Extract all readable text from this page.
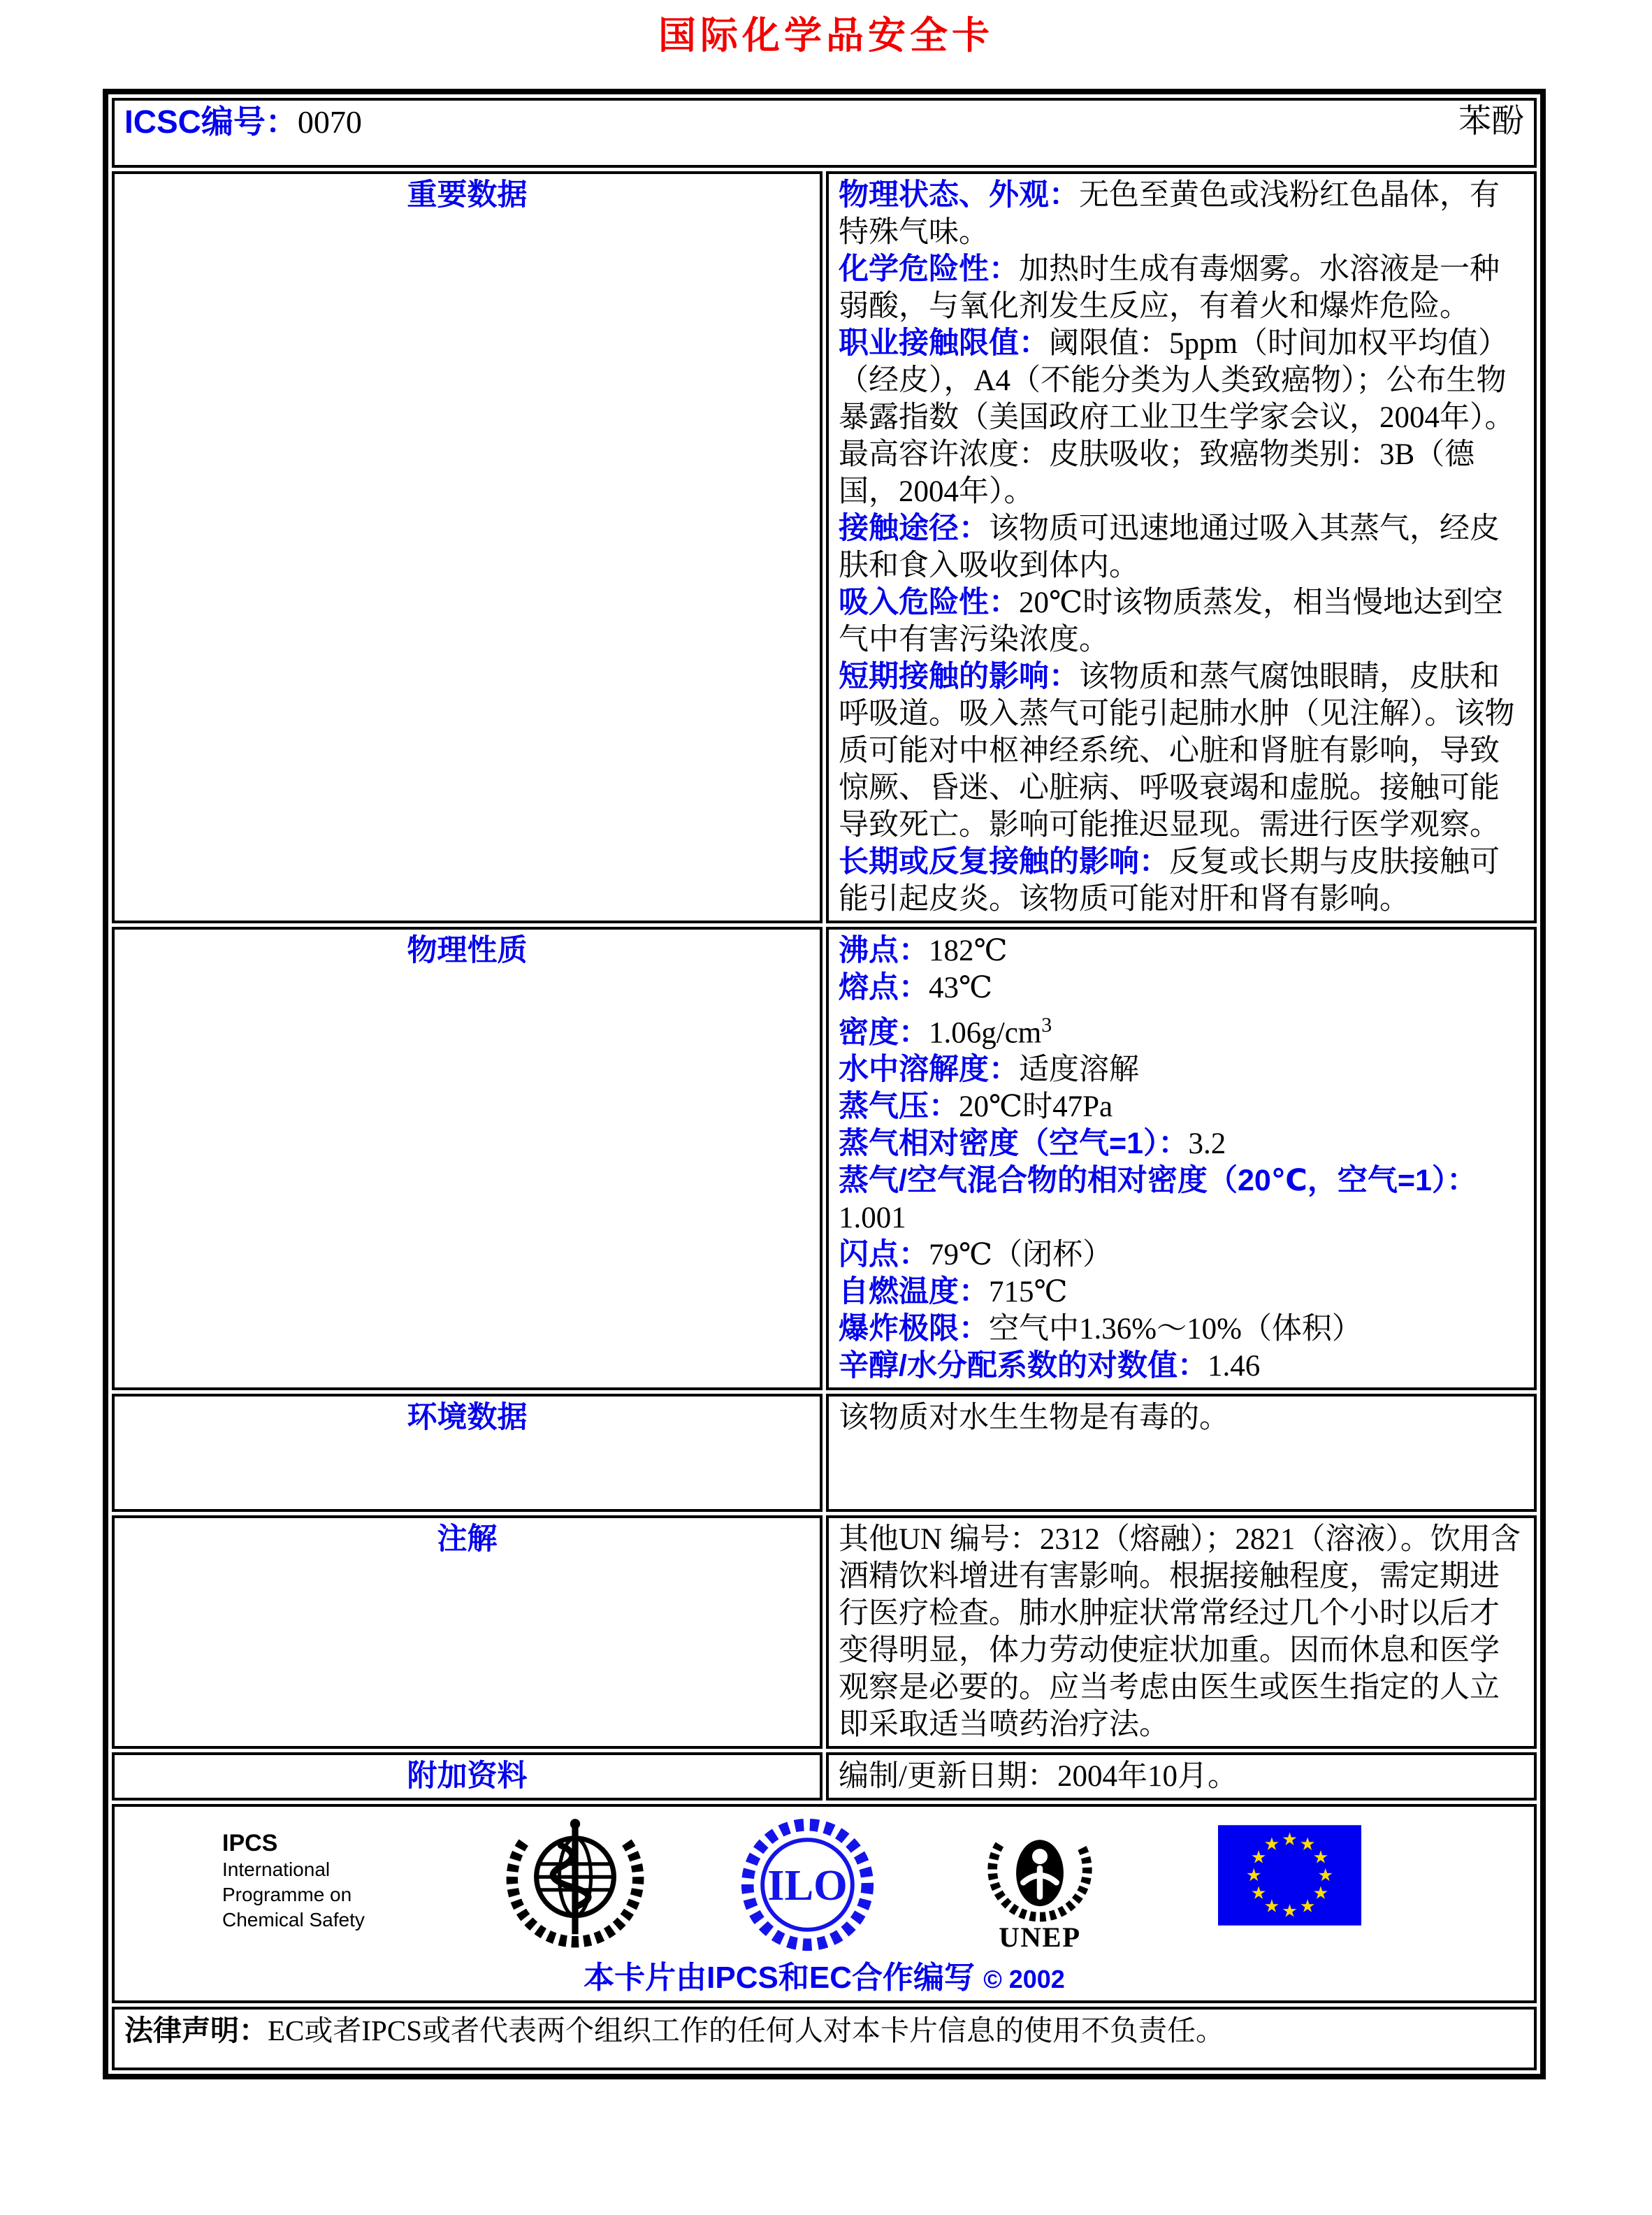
国际化学品安全卡
ICSC编号：0070 苯酚	

重要数据	物理状态、外观：无色至黄色或浅粉红色晶体，有特殊气味。
化学危险性：加热时生成有毒烟雾。水溶液是一种弱酸，与氧化剂发生反应，有着火和爆炸危险。
职业接触限值：阈限值：5ppm（时间加权平均值）（经皮），A4（不能分类为人类致癌物）；公布生物暴露指数（美国政府工业卫生学家会议，2004年）。最高容许浓度：皮肤吸收；致癌物类别：3B（德国，2004年）。
接触途径：该物质可迅速地通过吸入其蒸气，经皮肤和食入吸收到体内。
吸入危险性：20℃时该物质蒸发，相当慢地达到空气中有害污染浓度。
短期接触的影响：该物质和蒸气腐蚀眼睛，皮肤和呼吸道。吸入蒸气可能引起肺水肿（见注解）。该物质可能对中枢神经系统、心脏和肾脏有影响，导致惊厥、昏迷、心脏病、呼吸衰竭和虚脱。接触可能导致死亡。影响可能推迟显现。需进行医学观察。
长期或反复接触的影响：反复或长期与皮肤接触可能引起皮炎。该物质可能对肝和肾有影响。

物理性质	沸点：182℃
熔点：43℃
密度：$1.06g/cm^3$
水中溶解度：适度溶解
蒸气压：20℃时47Pa
蒸气相对密度（空气=1）：3.2
蒸气/空气混合物的相对密度（20℃，空气=1）：1.001
闪点：79℃（闭杯）
自燃温度：715℃
爆炸极限：空气中1.36%～10%（体积）
辛醇/水分配系数的对数值：1.46

环境数据	该物质对水生生物是有毒的。

注解	其他UN 编号：2312（熔融）；2821（溶液）。饮用含酒精饮料增进有害影响。根据接触程度，需定期进行医疗检查。肺水肿症状常常经过几个小时以后才变得明显，体力劳动使症状加重。因而休息和医学观察是必要的。应当考虑由医生或医生指定的人立即采取适当喷药治疗法。

附加资料	编制/更新日期：2004年10月。

IPCS
International
Programme on
Chemical Safety
ILO
UNEP
本卡片由IPCS和EC合作编写 © 2002

法律声明：EC或者IPCS或者代表两个组织工作的任何人对本卡片信息的使用不负责任。	
